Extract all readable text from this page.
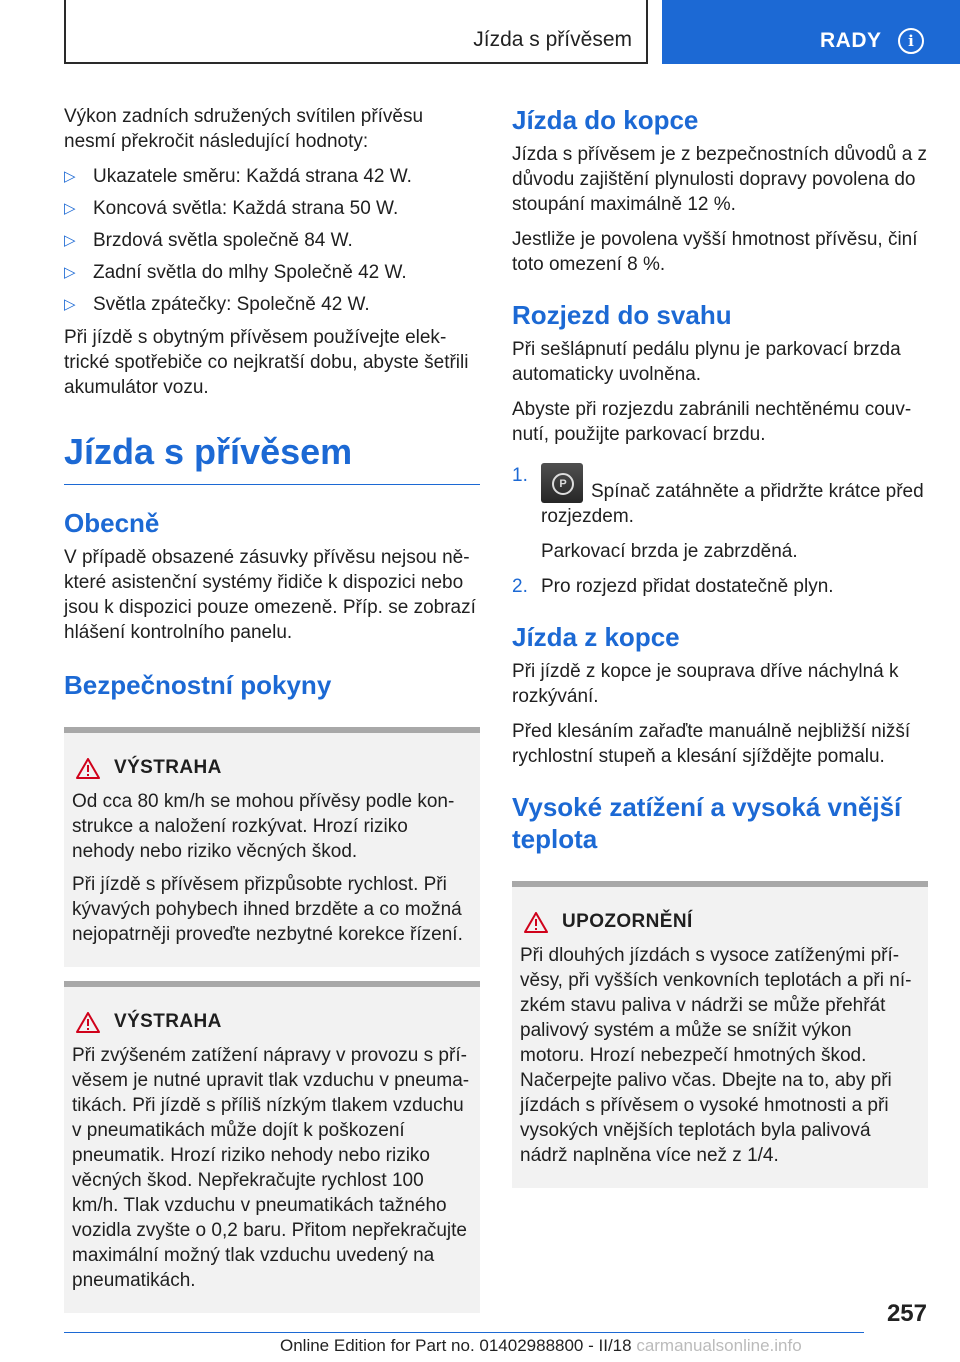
Jízda s přívěsem	RADY	i

Výkon zadních sdružených svítilen přívěsu nesmí překročit následující hodnoty:

▷ Ukazatele směru: Každá strana 42 W.
▷ Koncová světla: Každá strana 50 W.
▷ Brzdová světla společně 84 W.
▷ Zadní světla do mlhy Společně 42 W.
▷ Světla zpátečky: Společně 42 W.

Při jízdě s obytným přívěsem používejte elektrické spotřebiče co nejkratší dobu, abyste šetřili akumulátor vozu.

Jízda s přívěsem
Obecně

V případě obsazené zásuvky přívěsu nejsou některé asistenční systémy řidiče k dispozici nebo jsou k dispozici pouze omezeně. Příp. se zobrazí hlášení kontrolního panelu.

Bezpečnostní pokyny
VÝSTRAHA

Od cca 80 km/h se mohou přívěsy podle konstrukce a naložení rozkývat. Hrozí riziko nehody nebo riziko věcných škod.

Při jízdě s přívěsem přizpůsobte rychlost. Při kývavých pohybech ihned brzděte a co možná nejopatrněji proveďte nezbytné korekce řízení.

VÝSTRAHA

Při zvýšeném zatížení nápravy v provozu s přívěsem je nutné upravit tlak vzduchu v pneumatikách. Při jízdě s příliš nízkým tlakem vzduchu v pneumatikách může dojít k poškození pneumatik. Hrozí riziko nehody nebo riziko věcných škod. Nepřekračujte rychlost 100 km/h. Tlak vzduchu v pneumatikách tažného vozidla zvyšte o 0,2 baru. Přitom nepřekračujte maximální možný tlak vzduchu uvedený na pneumatikách.

Jízda do kopce

Jízda s přívěsem je z bezpečnostních důvodů a z důvodu zajištění plynulosti dopravy povolena do stoupání maximálně 12 %.

Jestliže je povolena vyšší hmotnost přívěsu, činí toto omezení 8 %.

Rozjezd do svahu

Při sešlápnutí pedálu plynu je parkovací brzda automaticky uvolněna.

Abyste při rozjezdu zabránili nechtěnému couvnutí, použijte parkovací brzdu.

1.	P	Spínač zatáhněte a přidržte krátce před rozjezdem.
Parkovací brzda je zabrzděná.
2. Pro rozjezd přidat dostatečně plyn.
Jízda z kopce

Při jízdě z kopce je souprava dříve náchylná k rozkývání.

Před klesáním zařaďte manuálně nejbližší nižší rychlostní stupeň a klesání sjíždějte pomalu.

Vysoké zatížení a vysoká vnější teplota
UPOZORNĚNÍ

Při dlouhých jízdách s vysoce zatíženými přívěsy, při vyšších venkovních teplotách a při nízkém stavu paliva v nádrži se může přehřát palivový systém a může se snížit výkon motoru. Hrozí nebezpečí hmotných škod. Načerpejte palivo včas. Dbejte na to, aby při jízdách s přívěsem o vysoké hmotnosti a při vysokých vnějších teplotách byla palivová nádrž naplněna více než z 1/4.

257
Online Edition for Part no. 01402988800 - II/18 carmanualsonline.info
